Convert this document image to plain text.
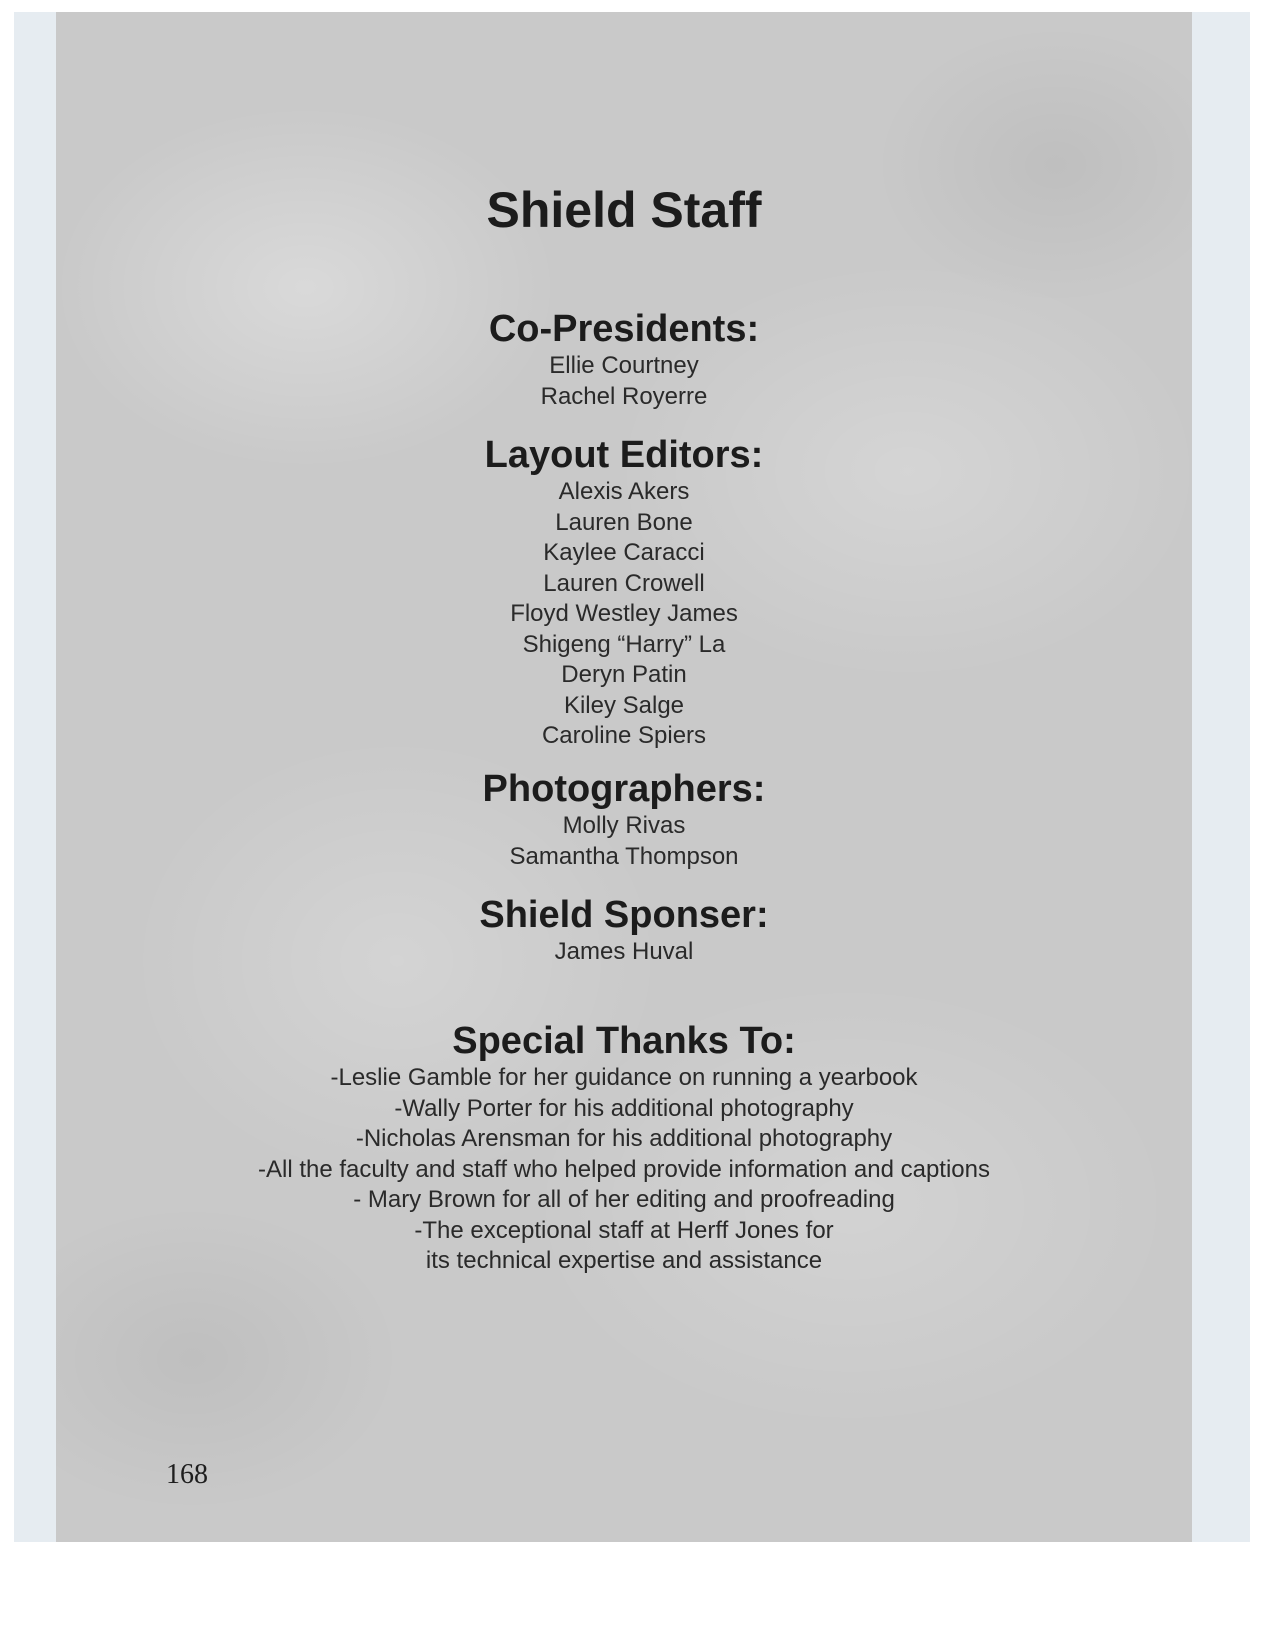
Shield Staff
Co-Presidents:
Ellie Courtney
Rachel Royerre
Layout Editors:
Alexis Akers
Lauren Bone
Kaylee Caracci
Lauren Crowell
Floyd Westley James
Shigeng “Harry” La
Deryn Patin
Kiley Salge
Caroline Spiers
Photographers:
Molly Rivas
Samantha Thompson
Shield Sponser:
James Huval
Special Thanks To:
-Leslie Gamble for her guidance on running a yearbook
-Wally Porter for his additional photography
-Nicholas Arensman for his additional photography
-All the faculty and staff who helped provide information and captions
- Mary Brown for all of her editing and proofreading
-The exceptional staff at Herff Jones for
its technical expertise and assistance
168
